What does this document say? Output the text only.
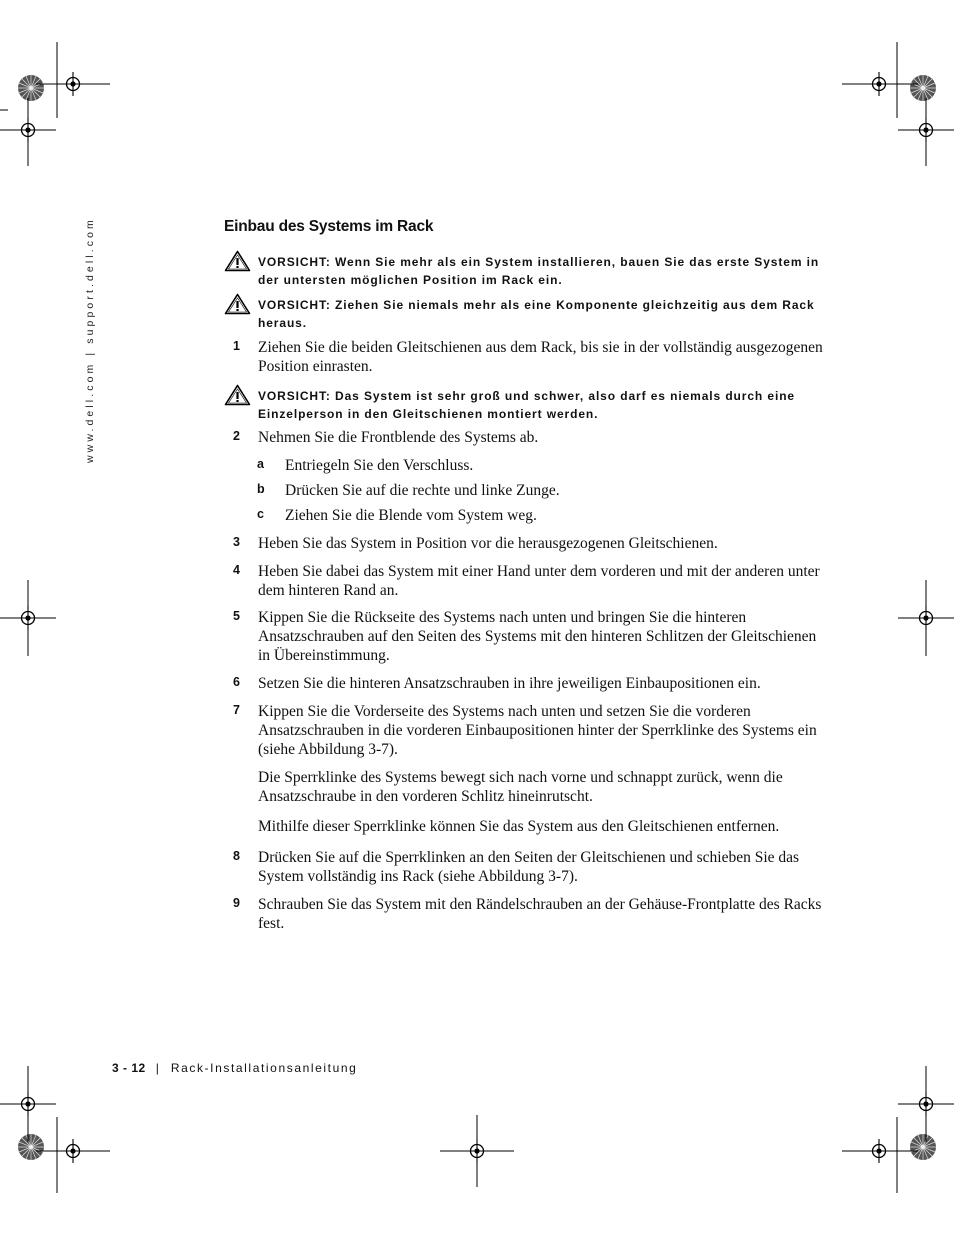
www.dell.com | support.dell.com	Einbau des Systems im Rack
VORSICHT: Wenn Sie mehr als ein System installieren, bauen Sie das erste System in der untersten möglichen Position im Rack ein.
VORSICHT: Ziehen Sie niemals mehr als eine Komponente gleichzeitig aus dem Rack heraus.
1 Ziehen Sie die beiden Gleitschienen aus dem Rack, bis sie in der vollständig ausgezogenen Position einrasten.
VORSICHT: Das System ist sehr groß und schwer, also darf es niemals durch eine Einzelperson in den Gleitschienen montiert werden.
2 Nehmen Sie die Frontblende des Systems ab.
a Entriegeln Sie den Verschluss.
b Drücken Sie auf die rechte und linke Zunge.
c Ziehen Sie die Blende vom System weg.
3 Heben Sie das System in Position vor die herausgezogenen Gleitschienen.
4 Heben Sie dabei das System mit einer Hand unter dem vorderen und mit der anderen unter dem hinteren Rand an.
5 Kippen Sie die Rückseite des Systems nach unten und bringen Sie die hinteren Ansatzschrauben auf den Seiten des Systems mit den hinteren Schlitzen der Gleitschienen in Übereinstimmung.
6 Setzen Sie die hinteren Ansatzschrauben in ihre jeweiligen Einbaupositionen ein.
7 Kippen Sie die Vorderseite des Systems nach unten und setzen Sie die vorderen Ansatzschrauben in die vorderen Einbaupositionen hinter der Sperrklinke des Systems ein (siehe Abbildung 3-7).
Die Sperrklinke des Systems bewegt sich nach vorne und schnappt zurück, wenn die Ansatzschraube in den vorderen Schlitz hineinrutscht.
Mithilfe dieser Sperrklinke können Sie das System aus den Gleitschienen entfernen.
8 Drücken Sie auf die Sperrklinken an den Seiten der Gleitschienen und schieben Sie das System vollständig ins Rack (siehe Abbildung 3-7).
9 Schrauben Sie das System mit den Rändelschrauben an der Gehäuse-Frontplatte des Racks fest.
3 - 12 | Rack-Installationsanleitung
